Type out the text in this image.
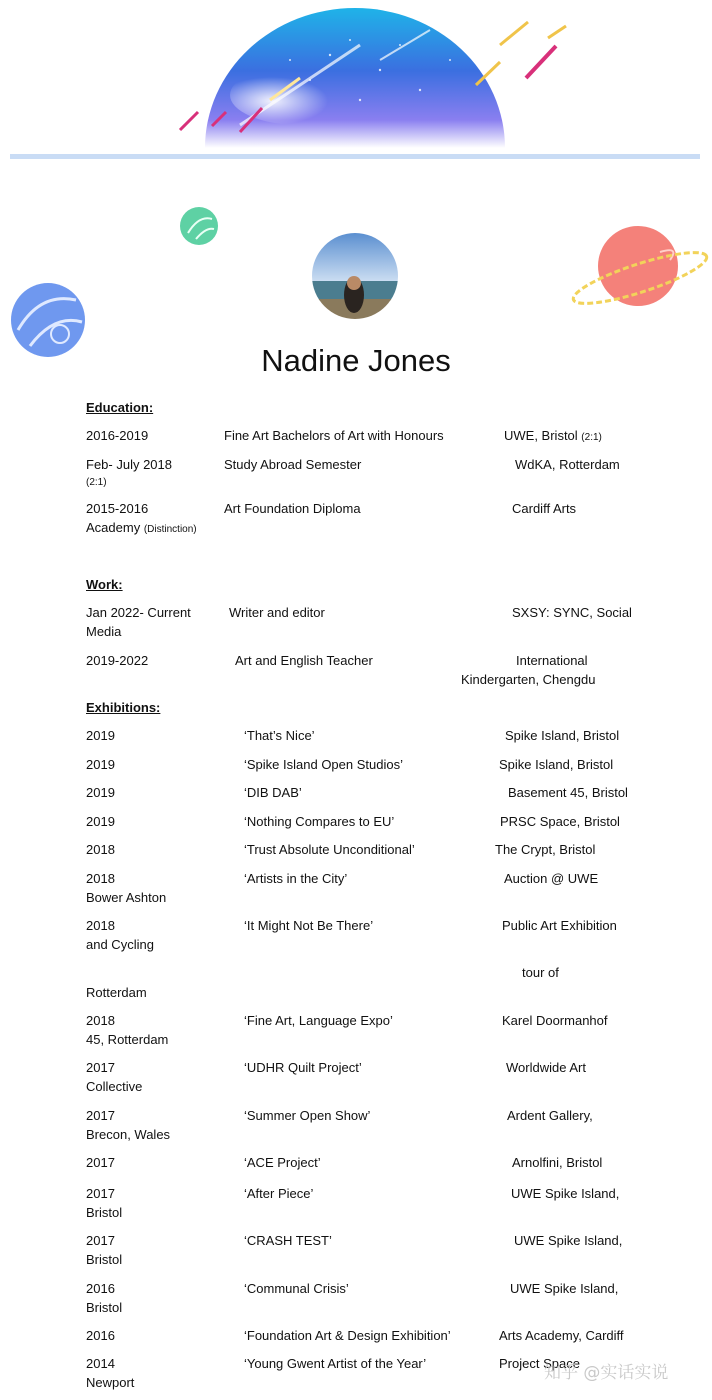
Nadine Jones
Education:
2016-2019	Fine Art Bachelors of Art with Honours	UWE, Bristol (2:1)
Feb- July 2018	Study Abroad Semester	WdKA, Rotterdam
(2:1)
2015-2016	Art Foundation Diploma	Cardiff Arts
Academy (Distinction)
Work:
Jan 2022- Current	Writer and editor	SXSY: SYNC, Social
Media
2019-2022	Art and English Teacher	International
Kindergarten, Chengdu
Exhibitions:
2019	‘That’s Nice’	Spike Island, Bristol
2019	‘Spike Island Open Studios’	Spike Island, Bristol
2019	‘DIB DAB’	Basement 45, Bristol
2019	‘Nothing Compares to EU’	PRSC Space, Bristol
2018	‘Trust Absolute Unconditional’	The Crypt, Bristol
2018	‘Artists in the City’	Auction @ UWE
Bower Ashton
2018	‘It Might Not Be There’	Public Art Exhibition
and Cycling
tour of
Rotterdam
2018	‘Fine Art, Language Expo’	Karel Doormanhof
45, Rotterdam
2017	‘UDHR Quilt Project’	Worldwide Art
Collective
2017	‘Summer Open Show’	Ardent Gallery,
Brecon, Wales
2017	‘ACE Project’	Arnolfini, Bristol
2017	‘After Piece’	UWE Spike Island,
Bristol
2017	‘CRASH TEST’	UWE Spike Island,
Bristol
2016	‘Communal Crisis’	UWE Spike Island,
Bristol
2016	‘Foundation Art & Design Exhibition’	Arts Academy, Cardiff
2014	‘Young Gwent Artist of the Year’	Project Space
Newport	知乎 @实话实说
